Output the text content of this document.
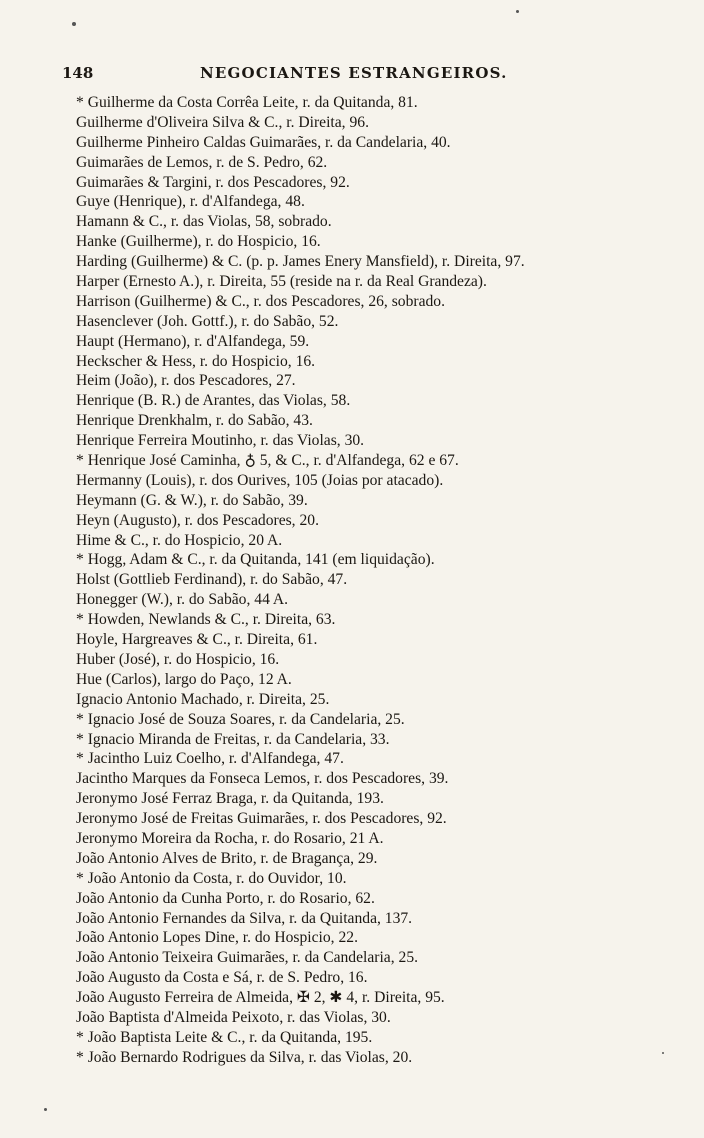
148	NEGOCIANTES ESTRANGEIROS.
* Guilherme da Costa Corrêa Leite, r. da Quitanda, 81.
Guilherme d'Oliveira Silva & C., r. Direita, 96.
Guilherme Pinheiro Caldas Guimarães, r. da Candelaria, 40.
Guimarães de Lemos, r. de S. Pedro, 62.
Guimarães & Targini, r. dos Pescadores, 92.
Guye (Henrique), r. d'Alfandega, 48.
Hamann & C., r. das Violas, 58, sobrado.
Hanke (Guilherme), r. do Hospicio, 16.
Harding (Guilherme) & C. (p. p. James Enery Mansfield), r. Direita, 97.
Harper (Ernesto A.), r. Direita, 55 (reside na r. da Real Grandeza).
Harrison (Guilherme) & C., r. dos Pescadores, 26, sobrado.
Hasenclever (Joh. Gottf.), r. do Sabão, 52.
Haupt (Hermano), r. d'Alfandega, 59.
Heckscher & Hess, r. do Hospicio, 16.
Heim (João), r. dos Pescadores, 27.
Henrique (B. R.) de Arantes, das Violas, 58.
Henrique Drenkhalm, r. do Sabão, 43.
Henrique Ferreira Moutinho, r. das Violas, 30.
* Henrique José Caminha, ♁ 5, & C., r. d'Alfandega, 62 e 67.
Hermanny (Louis), r. dos Ourives, 105 (Joias por atacado).
Heymann (G. & W.), r. do Sabão, 39.
Heyn (Augusto), r. dos Pescadores, 20.
Hime & C., r. do Hospicio, 20 A.
* Hogg, Adam & C., r. da Quitanda, 141 (em liquidação).
Holst (Gottlieb Ferdinand), r. do Sabão, 47.
Honegger (W.), r. do Sabão, 44 A.
* Howden, Newlands & C., r. Direita, 63.
Hoyle, Hargreaves & C., r. Direita, 61.
Huber (José), r. do Hospicio, 16.
Hue (Carlos), largo do Paço, 12 A.
Ignacio Antonio Machado, r. Direita, 25.
* Ignacio José de Souza Soares, r. da Candelaria, 25.
* Ignacio Miranda de Freitas, r. da Candelaria, 33.
* Jacintho Luiz Coelho, r. d'Alfandega, 47.
Jacintho Marques da Fonseca Lemos, r. dos Pescadores, 39.
Jeronymo José Ferraz Braga, r. da Quitanda, 193.
Jeronymo José de Freitas Guimarães, r. dos Pescadores, 92.
Jeronymo Moreira da Rocha, r. do Rosario, 21 A.
João Antonio Alves de Brito, r. de Bragança, 29.
* João Antonio da Costa, r. do Ouvidor, 10.
João Antonio da Cunha Porto, r. do Rosario, 62.
João Antonio Fernandes da Silva, r. da Quitanda, 137.
João Antonio Lopes Dine, r. do Hospicio, 22.
João Antonio Teixeira Guimarães, r. da Candelaria, 25.
João Augusto da Costa e Sá, r. de S. Pedro, 16.
João Augusto Ferreira de Almeida, ✠ 2, ✱ 4, r. Direita, 95.
João Baptista d'Almeida Peixoto, r. das Violas, 30.
* João Baptista Leite & C., r. da Quitanda, 195.
* João Bernardo Rodrigues da Silva, r. das Violas, 20.
